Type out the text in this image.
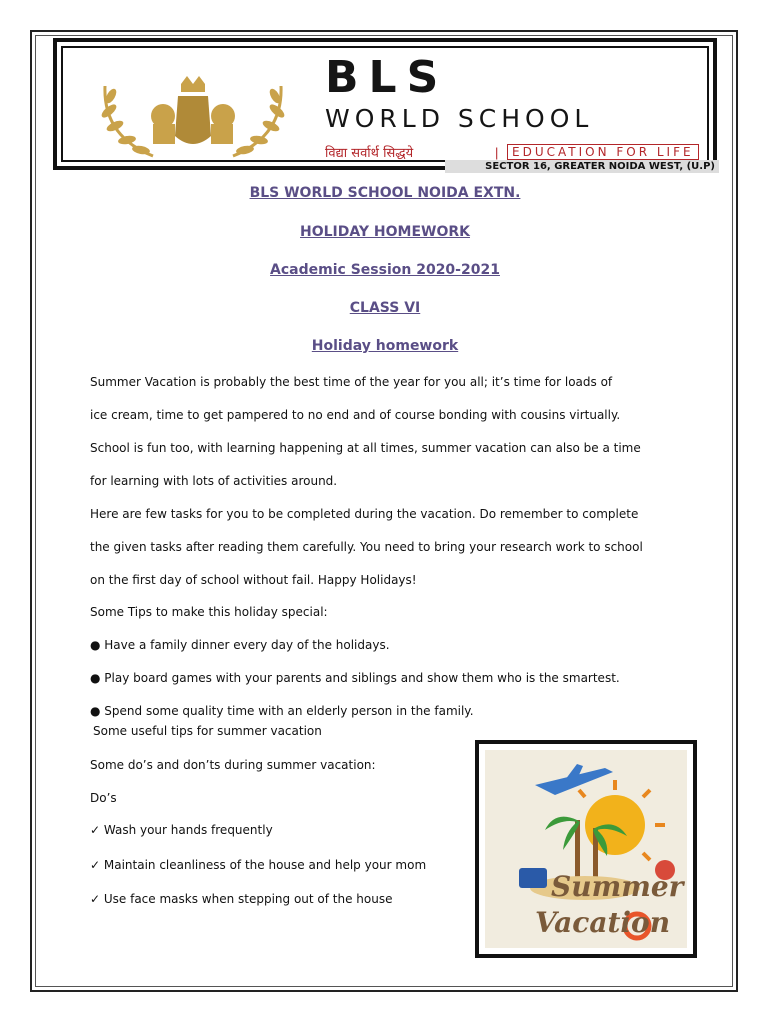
BLS
WORLD SCHOOL
विद्या सर्वार्थ सिद्धये	|	EDUCATION FOR LIFE
SECTOR 16, GREATER NOIDA WEST, (U.P)
BLS WORLD SCHOOL NOIDA EXTN.
HOLIDAY HOMEWORK
Academic Session 2020-2021
CLASS VI
Holiday homework
Summer Vacation is probably the best time of the year for you all; it’s time for loads of
ice cream, time to get pampered to no end and of course bonding with cousins virtually.
School is fun too, with learning happening at all times, summer vacation can also be a time
for learning with lots of activities around.
Here are few tasks for you to be completed during the vacation. Do remember to complete
the given tasks after reading them carefully. You need to bring your research work to school
on the first day of school without fail. Happy Holidays!
Some Tips to make this holiday special:
● Have a family dinner every day of the holidays.
● Play board games with your parents and siblings and show them who is the smartest.
● Spend some quality time with an elderly person in the family.
Some useful tips for summer vacation
Some do’s and don’ts during summer vacation:
Do’s
✓ Wash your hands frequently
✓ Maintain cleanliness of the house and help your mom
✓ Use face masks when stepping out of the house	Summer
Vacation
